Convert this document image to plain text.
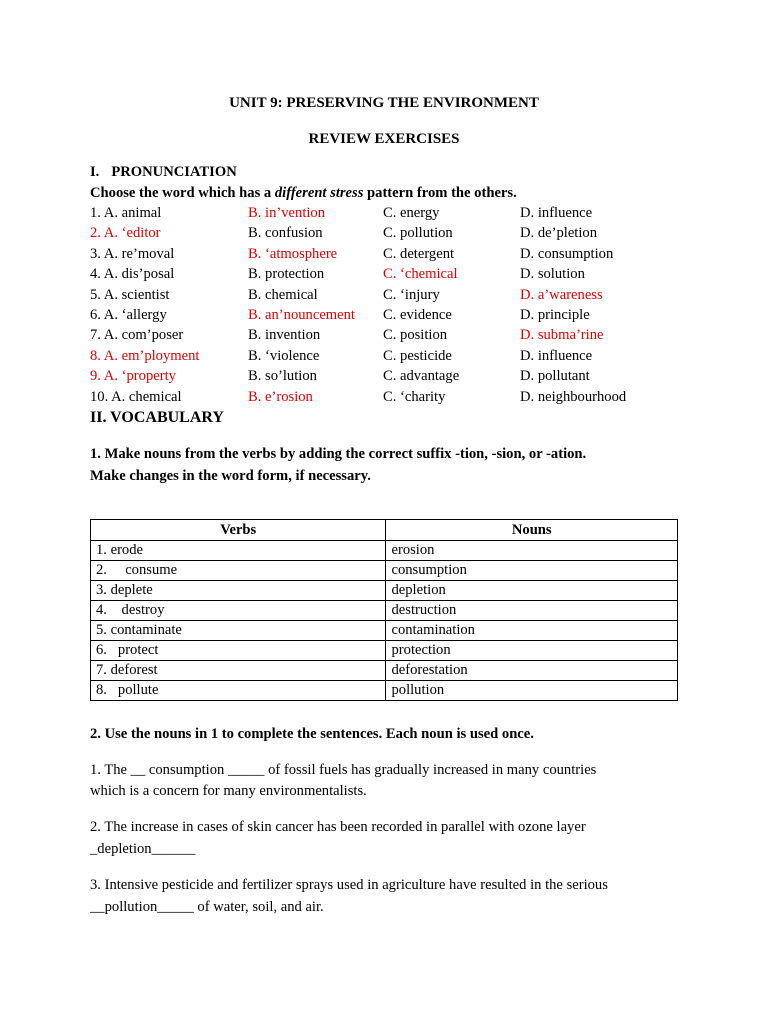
UNIT 9: PRESERVING THE ENVIRONMENT
REVIEW EXERCISES
I. PRONUNCIATION
Choose the word which has a different stress pattern from the others.
1. A. animal	B. in’vention	C. energy	D. influence
2. A. ‘editor	B. confusion	C. pollution	D. de’pletion
3. A. re’moval	B. ‘atmosphere	C. detergent	D. consumption
4. A. dis’posal	B. protection	C. ‘chemical	D. solution
5. A. scientist	B. chemical	C. ‘injury	D. a’wareness
6. A. ‘allergy	B. an’nouncement C. evidence	D. principle
7. A. com’poser	B. invention	C. position	D. subma’rine
8. A. em’ployment	B. ‘violence	C. pesticide	D. influence
9. A. ‘property	B. so’lution	C. advantage	D. pollutant
10. A. chemical	B. e’rosion	C. ‘charity	D. neighbourhood
II. VOCABULARY
1. Make nouns from the verbs by adding the correct suffix -tion, -sion, or -ation.
Make changes in the word form, if necessary.
Verbs	Nouns
1. erode	erosion
2.     consume	consumption
3. deplete	depletion
4.    destroy	destruction
5. contaminate	contamination
6.   protect	protection
7. deforest	deforestation
8.   pollute	pollution
2. Use the nouns in 1 to complete the sentences. Each noun is used once.
1. The __ consumption _____ of fossil fuels has gradually increased in many countries
which is a concern for many environmentalists.
2. The increase in cases of skin cancer has been recorded in parallel with ozone layer
_depletion______
3. Intensive pesticide and fertilizer sprays used in agriculture have resulted in the serious
__pollution_____ of water, soil, and air.
